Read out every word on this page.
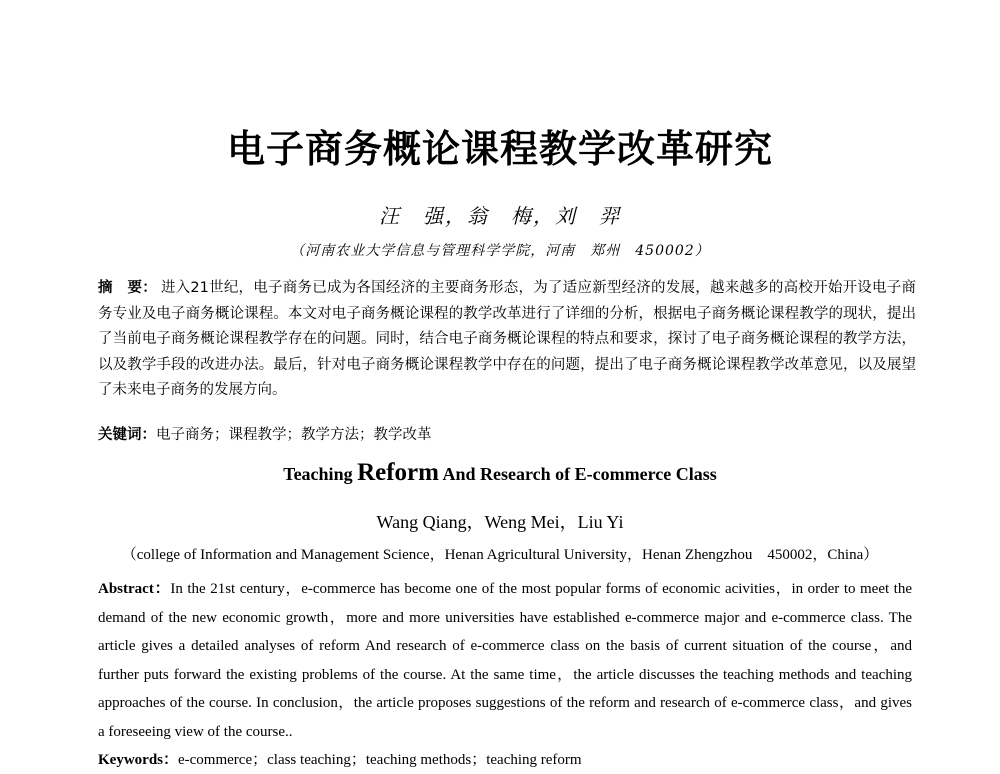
电子商务概论课程教学改革研究
汪　强，翁　梅，刘　羿
（河南农业大学信息与管理科学学院，河南　郑州　450002）
摘　要： 进入21世纪，电子商务已成为各国经济的主要商务形态，为了适应新型经济的发展，越来越多的高校开始开设电子商务专业及电子商务概论课程。本文对电子商务概论课程的教学改革进行了详细的分析，根据电子商务概论课程教学的现状，提出了当前电子商务概论课程教学存在的问题。同时，结合电子商务概论课程的特点和要求，探讨了电子商务概论课程的教学方法，以及教学手段的改进办法。最后，针对电子商务概论课程教学中存在的问题，提出了电子商务概论课程教学改革意见，以及展望了未来电子商务的发展方向。
关键词：电子商务；课程教学；教学方法；教学改革
Teaching Reform And Research of E-commerce Class
Wang Qiang，Weng Mei，Liu Yi
（college of Information and Management Science，Henan Agricultural University，Henan Zhengzhou　450002，China）
Abstract：In the 21st century，e-commerce has become one of the most popular forms of economic acivities，in order to meet the demand of the new economic growth，more and more universities have established e-commerce major and e-commerce class. The article gives a detailed analyses of reform And research of e-commerce class on the basis of current situation of the course，and further puts forward the existing problems of the course. At the same time，the article discusses the teaching methods and teaching approaches of the course. In conclusion，the article proposes suggestions of the reform and research of e-commerce class，and gives a foreseeing view of the course..
Keywords：e-commerce；class teaching；teaching methods；teaching reform
